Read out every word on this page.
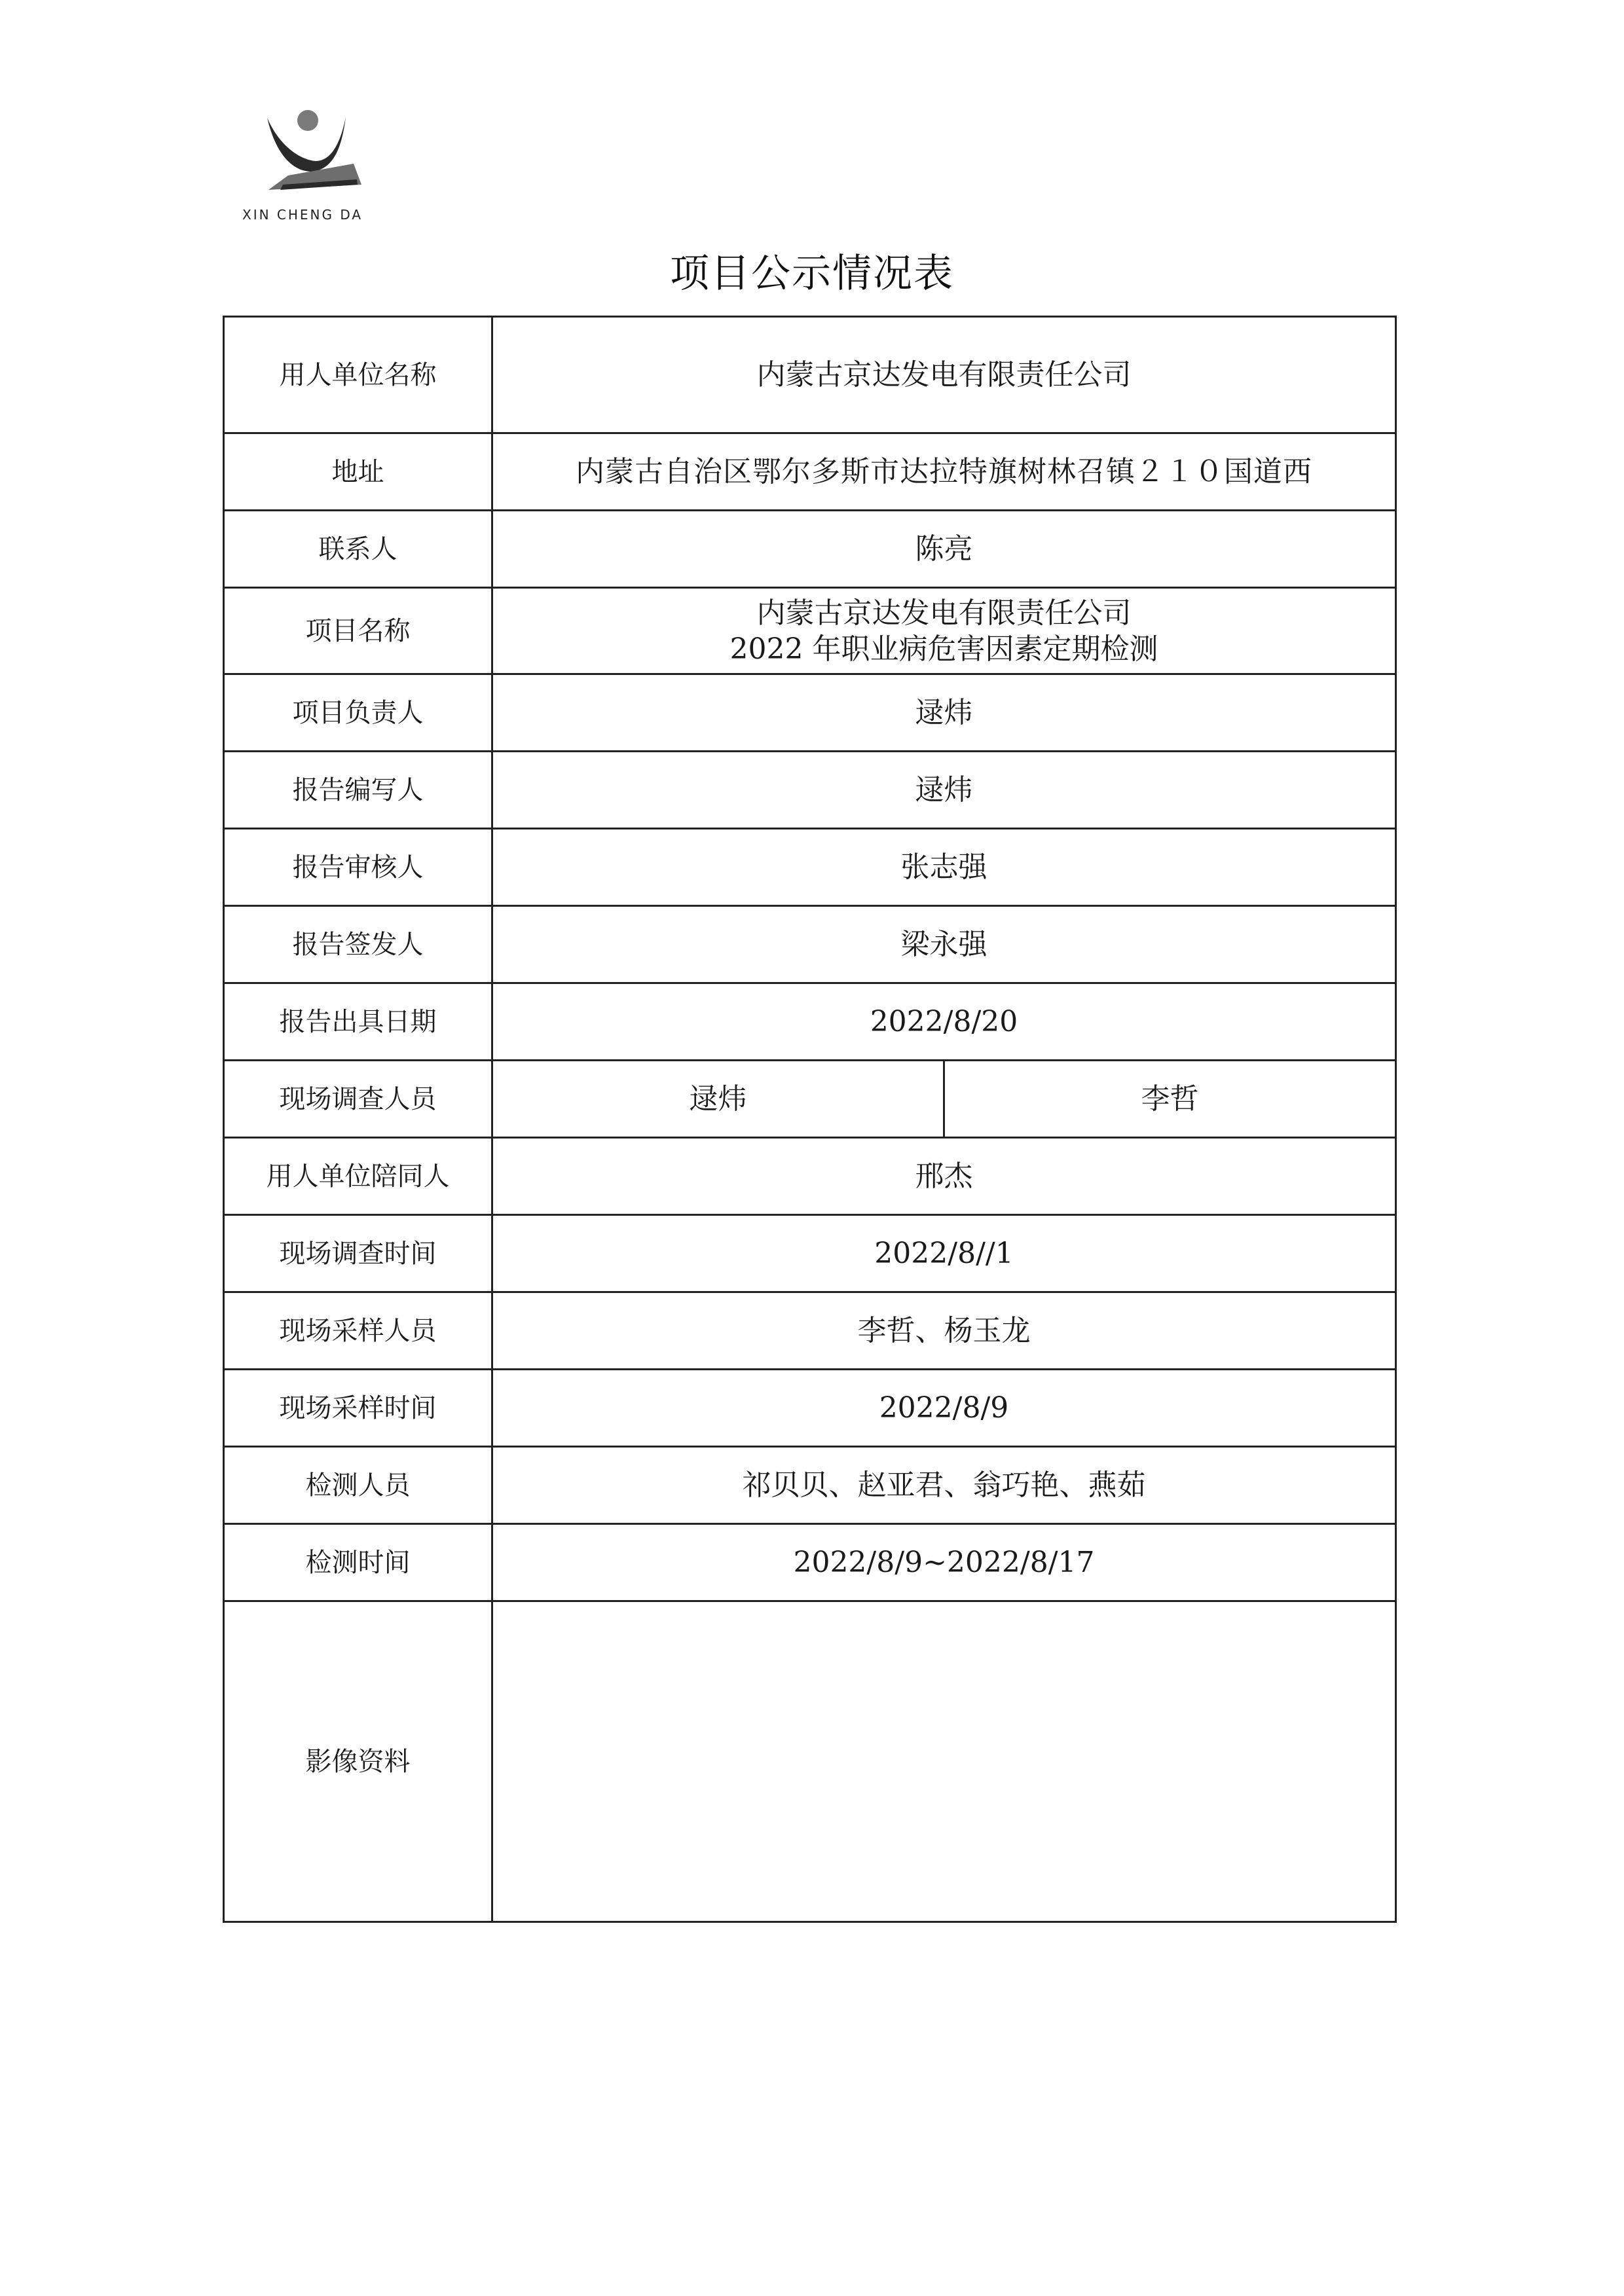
XIN CHENG DA
项目公示情况表
用人单位名称	内蒙古京达发电有限责任公司	
地址	内蒙古自治区鄂尔多斯市达拉特旗树林召镇２１０国道西	
联系人	陈亮	
项目名称	内蒙古京达发电有限责任公司
2022 年职业病危害因素定期检测	

项目负责人	逯炜	
报告编写人	逯炜	
报告审核人	张志强	
报告签发人	梁永强	
报告出具日期	2022/8/20	
现场调查人员	逯炜	李哲
用人单位陪同人	邢杰	
现场调查时间	2022/8//1	
现场采样人员	李哲、杨玉龙	
现场采样时间	2022/8/9	
检测人员	祁贝贝、赵亚君、翁巧艳、燕茹	
检测时间	2022/8/9~2022/8/17	
影像资料		
